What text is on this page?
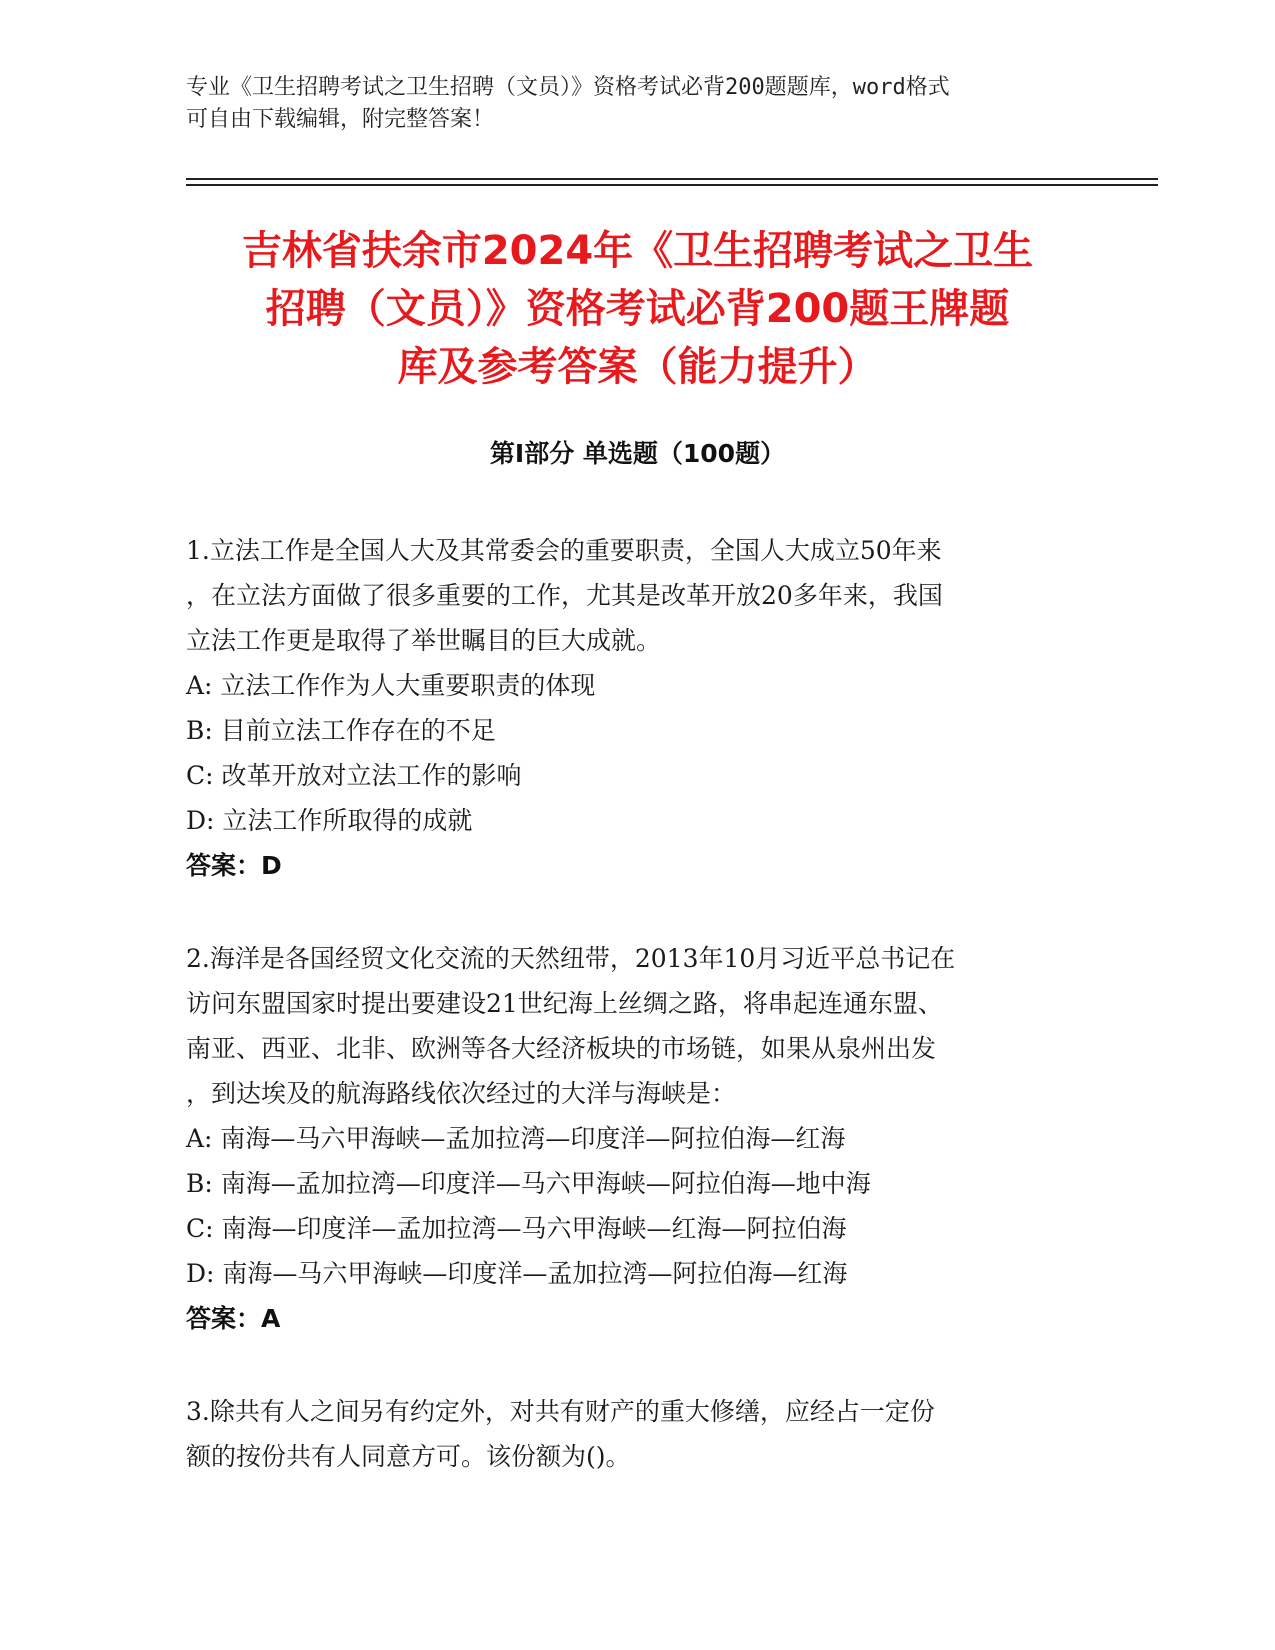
专业《卫生招聘考试之卫生招聘（文员）》资格考试必背200题题库，word格式
可自由下载编辑，附完整答案！
吉林省扶余市2024年《卫生招聘考试之卫生
招聘（文员）》资格考试必背200题王牌题
库及参考答案（能力提升）
第I部分 单选题（100题）
1.立法工作是全国人大及其常委会的重要职责，全国人大成立50年来
，在立法方面做了很多重要的工作，尤其是改革开放20多年来，我国
立法工作更是取得了举世瞩目的巨大成就。
A: 立法工作作为人大重要职责的体现
B: 目前立法工作存在的不足
C: 改革开放对立法工作的影响
D: 立法工作所取得的成就
答案：D
2.海洋是各国经贸文化交流的天然纽带，2013年10月习近平总书记在
访问东盟国家时提出要建设21世纪海上丝绸之路，将串起连通东盟、
南亚、西亚、北非、欧洲等各大经济板块的市场链，如果从泉州出发
，到达埃及的航海路线依次经过的大洋与海峡是：
A: 南海—马六甲海峡—孟加拉湾—印度洋—阿拉伯海—红海
B: 南海—孟加拉湾—印度洋—马六甲海峡—阿拉伯海—地中海
C: 南海—印度洋—孟加拉湾—马六甲海峡—红海—阿拉伯海
D: 南海—马六甲海峡—印度洋—孟加拉湾—阿拉伯海—红海
答案：A
3.除共有人之间另有约定外，对共有财产的重大修缮，应经占一定份
额的按份共有人同意方可。该份额为()。
